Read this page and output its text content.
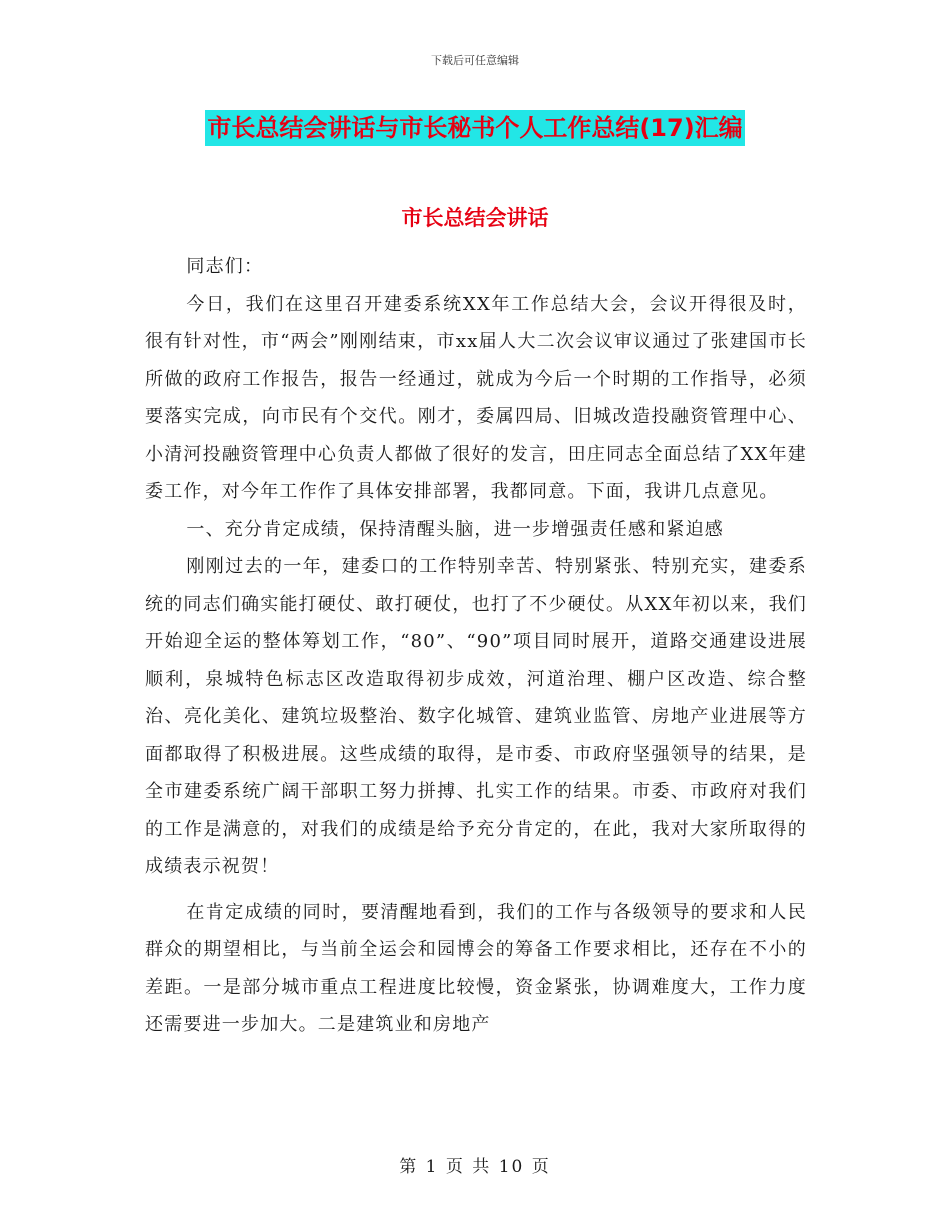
下载后可任意编辑
市长总结会讲话与市长秘书个人工作总结(17)汇编
市长总结会讲话

同志们：

今日，我们在这里召开建委系统XX年工作总结大会，会议开得很及时，很有针对性，市“两会”刚刚结束，市xx届人大二次会议审议通过了张建国市长所做的政府工作报告，报告一经通过，就成为今后一个时期的工作指导，必须要落实完成，向市民有个交代。刚才，委属四局、旧城改造投融资管理中心、小清河投融资管理中心负责人都做了很好的发言，田庄同志全面总结了XX年建委工作，对今年工作作了具体安排部署，我都同意。下面，我讲几点意见。

一、充分肯定成绩，保持清醒头脑，进一步增强责任感和紧迫感

刚刚过去的一年，建委口的工作特别幸苦、特别紧张、特别充实，建委系统的同志们确实能打硬仗、敢打硬仗，也打了不少硬仗。从XX年初以来，我们开始迎全运的整体筹划工作，“80”、“90”项目同时展开，道路交通建设进展顺利，泉城特色标志区改造取得初步成效，河道治理、棚户区改造、综合整治、亮化美化、建筑垃圾整治、数字化城管、建筑业监管、房地产业进展等方面都取得了积极进展。这些成绩的取得，是市委、市政府坚强领导的结果，是全市建委系统广阔干部职工努力拼搏、扎实工作的结果。市委、市政府对我们的工作是满意的，对我们的成绩是给予充分肯定的，在此，我对大家所取得的成绩表示祝贺！

在肯定成绩的同时，要清醒地看到，我们的工作与各级领导的要求和人民群众的期望相比，与当前全运会和园博会的筹备工作要求相比，还存在不小的差距。一是部分城市重点工程进度比较慢，资金紧张，协调难度大，工作力度还需要进一步加大。二是建筑业和房地产

第 1 页 共 10 页
